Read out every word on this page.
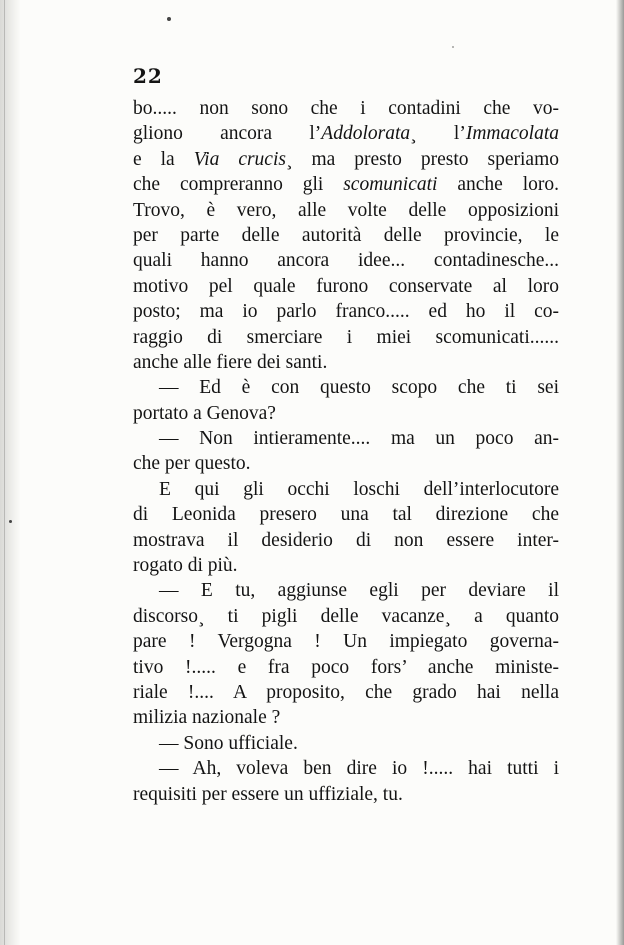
22
bo..... non sono che i contadini che vo-
gliono ancora l’Addolorata¸ l’Immacolata
e la Via crucis¸ ma presto presto speriamo
che compreranno gli scomunicati anche loro.
Trovo, è vero, alle volte delle opposizioni
per parte delle autorità delle provincie, le
quali hanno ancora idee... contadinesche...
motivo pel quale furono conservate al loro
posto; ma io parlo franco..... ed ho il co-
raggio di smerciare i miei scomunicati......
anche alle fiere dei santi.
— Ed è con questo scopo che ti sei
portato a Genova?
— Non intieramente.... ma un poco an-
che per questo.
E qui gli occhi loschi dell’interlocutore
di Leonida presero una tal direzione che
mostrava il desiderio di non essere inter-
rogato di più.
— E tu, aggiunse egli per deviare il
discorso¸ ti pigli delle vacanze¸ a quanto
pare ! Vergogna ! Un impiegato governa-
tivo !..... e fra poco fors’ anche ministe-
riale !.... A proposito, che grado hai nella
milizia nazionale ?
— Sono ufficiale.
— Ah, voleva ben dire io !..... hai tutti i
requisiti per essere un uffiziale, tu.
